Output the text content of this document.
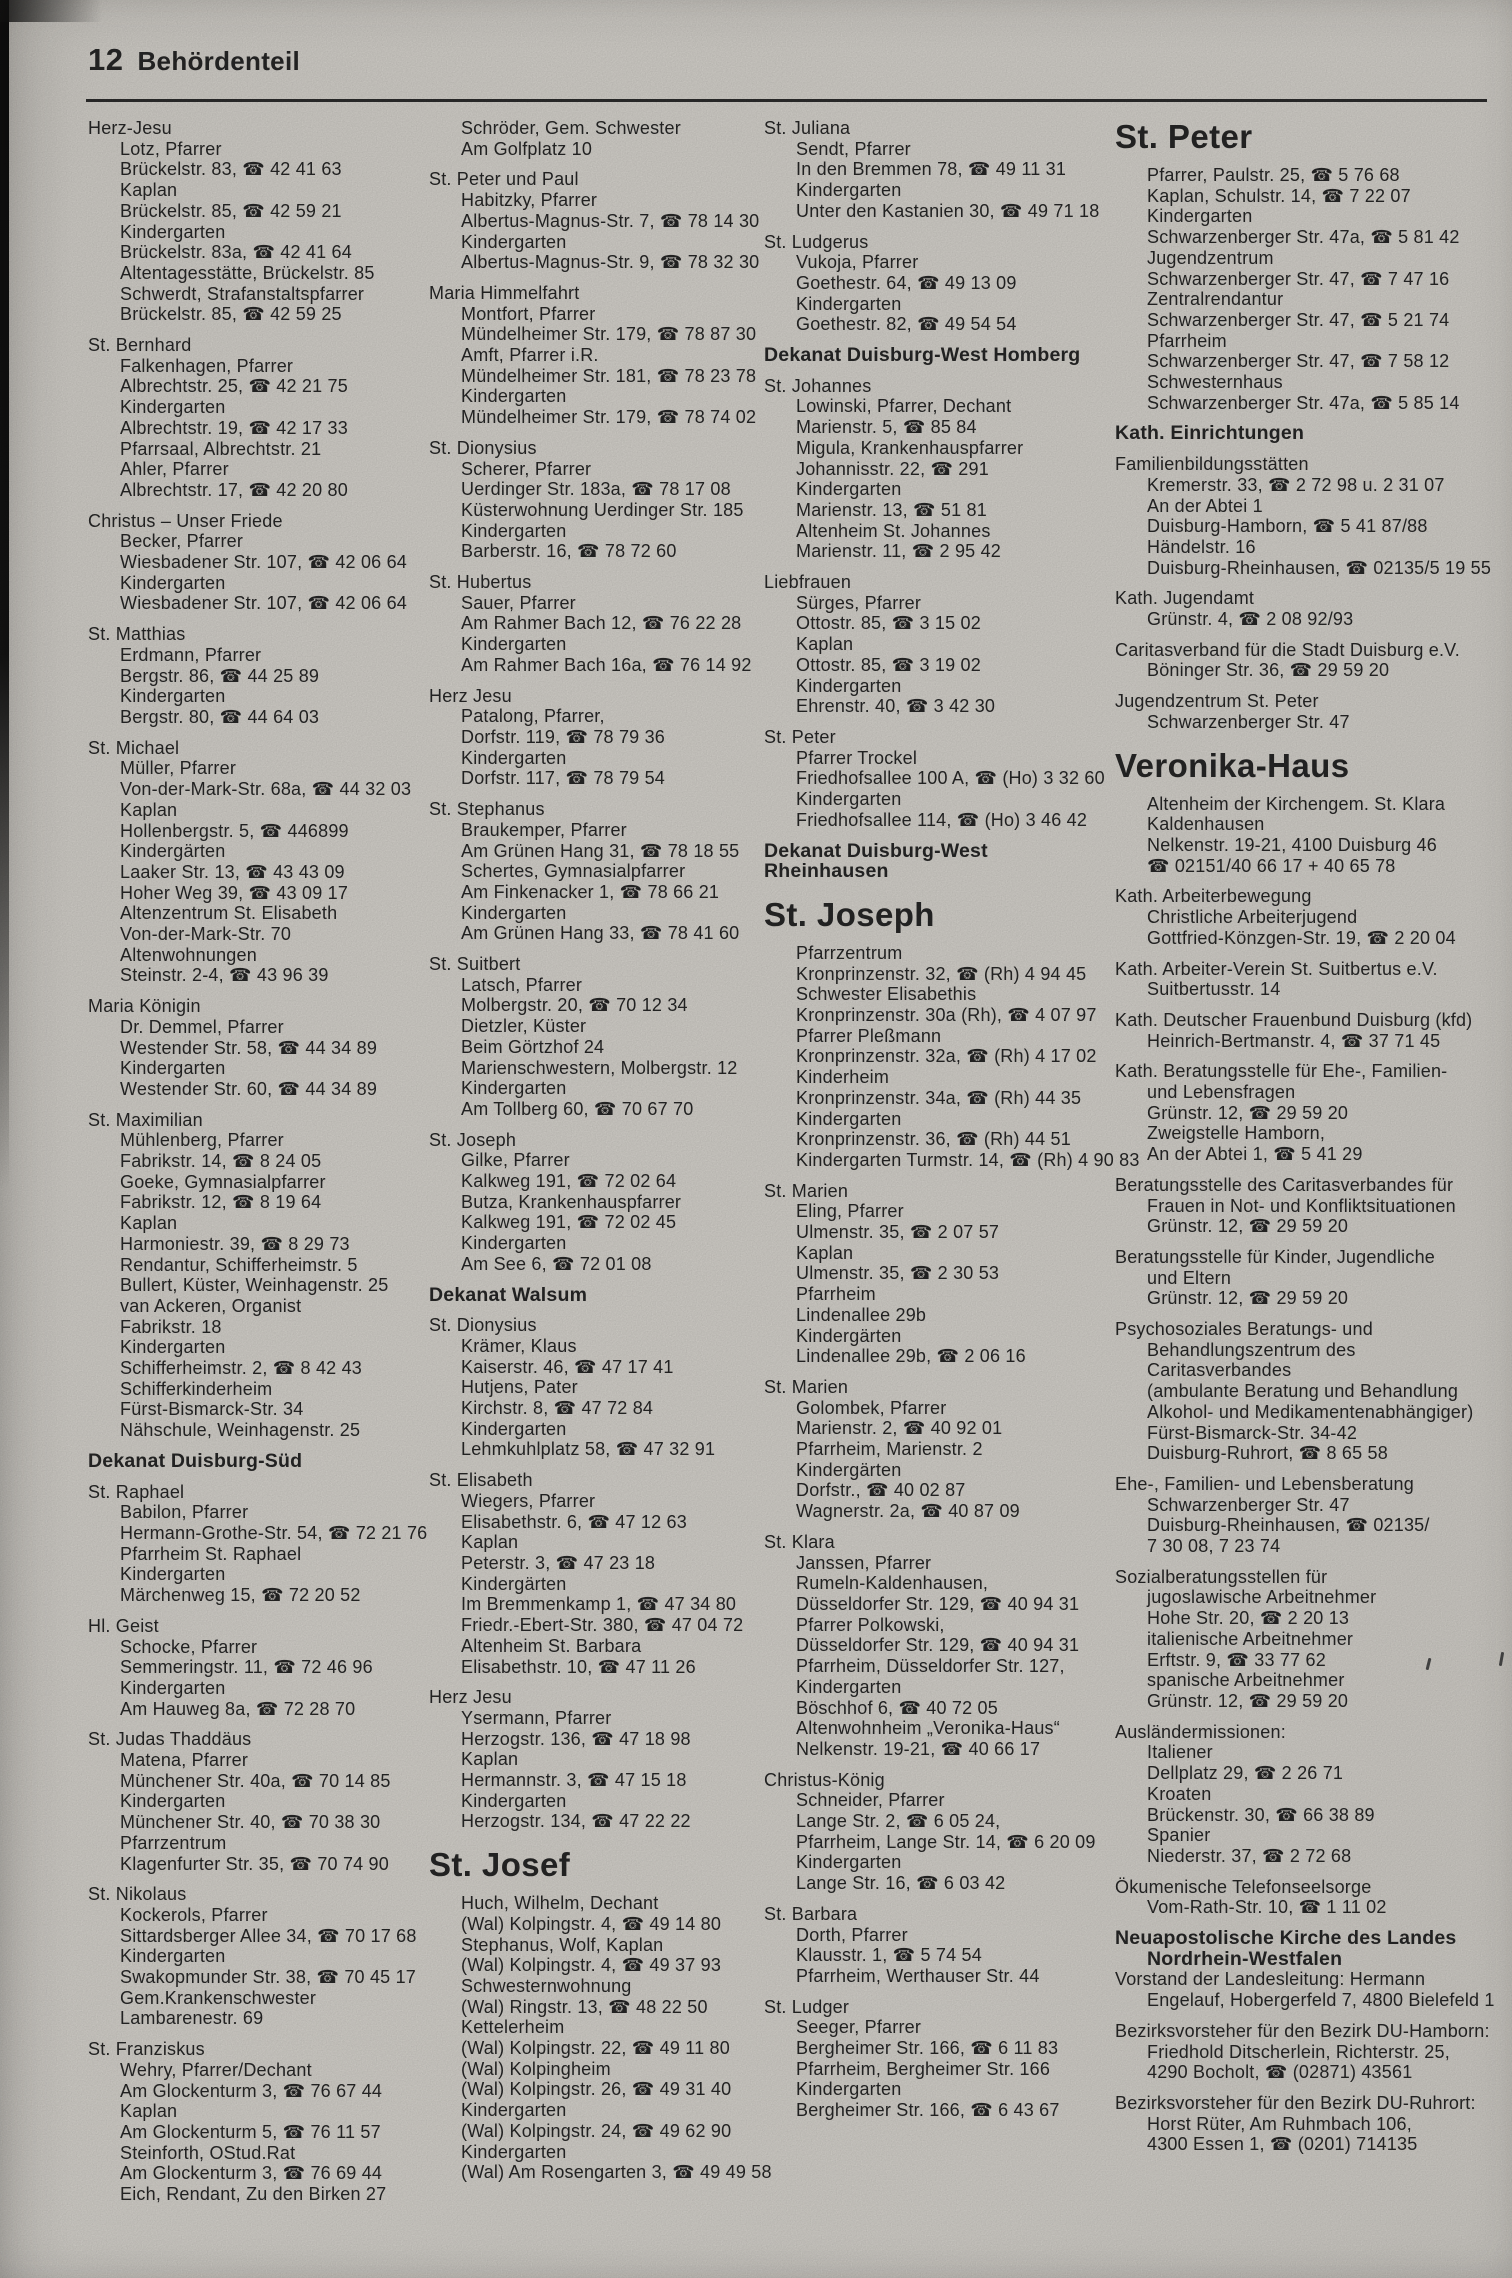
12 Behördenteil
Herz-Jesu
Lotz, Pfarrer
Brückelstr. 83, ☎ 42 41 63
Kaplan
Brückelstr. 85, ☎ 42 59 21
Kindergarten
Brückelstr. 83a, ☎ 42 41 64
Altentagesstätte, Brückelstr. 85
Schwerdt, Strafanstaltspfarrer
Brückelstr. 85, ☎ 42 59 25
St. Bernhard
Falkenhagen, Pfarrer
Albrechtstr. 25, ☎ 42 21 75
Kindergarten
Albrechtstr. 19, ☎ 42 17 33
Pfarrsaal, Albrechtstr. 21
Ahler, Pfarrer
Albrechtstr. 17, ☎ 42 20 80
Christus – Unser Friede
Becker, Pfarrer
Wiesbadener Str. 107, ☎ 42 06 64
Kindergarten
Wiesbadener Str. 107, ☎ 42 06 64
St. Matthias
Erdmann, Pfarrer
Bergstr. 86, ☎ 44 25 89
Kindergarten
Bergstr. 80, ☎ 44 64 03
St. Michael
Müller, Pfarrer
Von-der-Mark-Str. 68a, ☎ 44 32 03
Kaplan
Hollenbergstr. 5, ☎ 446899
Kindergärten
Laaker Str. 13, ☎ 43 43 09
Hoher Weg 39, ☎ 43 09 17
Altenzentrum St. Elisabeth
Von-der-Mark-Str. 70
Altenwohnungen
Steinstr. 2-4, ☎ 43 96 39
Maria Königin
Dr. Demmel, Pfarrer
Westender Str. 58, ☎ 44 34 89
Kindergarten
Westender Str. 60, ☎ 44 34 89
St. Maximilian
Mühlenberg, Pfarrer
Fabrikstr. 14, ☎ 8 24 05
Goeke, Gymnasialpfarrer
Fabrikstr. 12, ☎ 8 19 64
Kaplan
Harmoniestr. 39, ☎ 8 29 73
Rendantur, Schifferheimstr. 5
Bullert, Küster, Weinhagenstr. 25
van Ackeren, Organist
Fabrikstr. 18
Kindergarten
Schifferheimstr. 2, ☎ 8 42 43
Schifferkinderheim
Fürst-Bismarck-Str. 34
Nähschule, Weinhagenstr. 25
Dekanat Duisburg-Süd
St. Raphael
Babilon, Pfarrer
Hermann-Grothe-Str. 54, ☎ 72 21 76
Pfarrheim St. Raphael
Kindergarten
Märchenweg 15, ☎ 72 20 52
Hl. Geist
Schocke, Pfarrer
Semmeringstr. 11, ☎ 72 46 96
Kindergarten
Am Hauweg 8a, ☎ 72 28 70
St. Judas Thaddäus
Matena, Pfarrer
Münchener Str. 40a, ☎ 70 14 85
Kindergarten
Münchener Str. 40, ☎ 70 38 30
Pfarrzentrum
Klagenfurter Str. 35, ☎ 70 74 90
St. Nikolaus
Kockerols, Pfarrer
Sittardsberger Allee 34, ☎ 70 17 68
Kindergarten
Swakopmunder Str. 38, ☎ 70 45 17
Gem.Krankenschwester
Lambarenestr. 69
St. Franziskus
Wehry, Pfarrer/Dechant
Am Glockenturm 3, ☎ 76 67 44
Kaplan
Am Glockenturm 5, ☎ 76 11 57
Steinforth, OStud.Rat
Am Glockenturm 3, ☎ 76 69 44
Eich, Rendant, Zu den Birken 27
Schröder, Gem. Schwester
Am Golfplatz 10
St. Peter und Paul
Habitzky, Pfarrer
Albertus-Magnus-Str. 7, ☎ 78 14 30
Kindergarten
Albertus-Magnus-Str. 9, ☎ 78 32 30
Maria Himmelfahrt
Montfort, Pfarrer
Mündelheimer Str. 179, ☎ 78 87 30
Amft, Pfarrer i.R.
Mündelheimer Str. 181, ☎ 78 23 78
Kindergarten
Mündelheimer Str. 179, ☎ 78 74 02
St. Dionysius
Scherer, Pfarrer
Uerdinger Str. 183a, ☎ 78 17 08
Küsterwohnung Uerdinger Str. 185
Kindergarten
Barberstr. 16, ☎ 78 72 60
St. Hubertus
Sauer, Pfarrer
Am Rahmer Bach 12, ☎ 76 22 28
Kindergarten
Am Rahmer Bach 16a, ☎ 76 14 92
Herz Jesu
Patalong, Pfarrer,
Dorfstr. 119, ☎ 78 79 36
Kindergarten
Dorfstr. 117, ☎ 78 79 54
St. Stephanus
Braukemper, Pfarrer
Am Grünen Hang 31, ☎ 78 18 55
Schertes, Gymnasialpfarrer
Am Finkenacker 1, ☎ 78 66 21
Kindergarten
Am Grünen Hang 33, ☎ 78 41 60
St. Suitbert
Latsch, Pfarrer
Molbergstr. 20, ☎ 70 12 34
Dietzler, Küster
Beim Görtzhof 24
Marienschwestern, Molbergstr. 12
Kindergarten
Am Tollberg 60, ☎ 70 67 70
St. Joseph
Gilke, Pfarrer
Kalkweg 191, ☎ 72 02 64
Butza, Krankenhauspfarrer
Kalkweg 191, ☎ 72 02 45
Kindergarten
Am See 6, ☎ 72 01 08
Dekanat Walsum
St. Dionysius
Krämer, Klaus
Kaiserstr. 46, ☎ 47 17 41
Hutjens, Pater
Kirchstr. 8, ☎ 47 72 84
Kindergarten
Lehmkuhlplatz 58, ☎ 47 32 91
St. Elisabeth
Wiegers, Pfarrer
Elisabethstr. 6, ☎ 47 12 63
Kaplan
Peterstr. 3, ☎ 47 23 18
Kindergärten
Im Bremmenkamp 1, ☎ 47 34 80
Friedr.-Ebert-Str. 380, ☎ 47 04 72
Altenheim St. Barbara
Elisabethstr. 10, ☎ 47 11 26
Herz Jesu
Ysermann, Pfarrer
Herzogstr. 136, ☎ 47 18 98
Kaplan
Hermannstr. 3, ☎ 47 15 18
Kindergarten
Herzogstr. 134, ☎ 47 22 22
St. Josef
Huch, Wilhelm, Dechant
(Wal) Kolpingstr. 4, ☎ 49 14 80
Stephanus, Wolf, Kaplan
(Wal) Kolpingstr. 4, ☎ 49 37 93
Schwesternwohnung
(Wal) Ringstr. 13, ☎ 48 22 50
Kettelerheim
(Wal) Kolpingstr. 22, ☎ 49 11 80
(Wal) Kolpingheim
(Wal) Kolpingstr. 26, ☎ 49 31 40
Kindergarten
(Wal) Kolpingstr. 24, ☎ 49 62 90
Kindergarten
(Wal) Am Rosengarten 3, ☎ 49 49 58
St. Juliana
Sendt, Pfarrer
In den Bremmen 78, ☎ 49 11 31
Kindergarten
Unter den Kastanien 30, ☎ 49 71 18
St. Ludgerus
Vukoja, Pfarrer
Goethestr. 64, ☎ 49 13 09
Kindergarten
Goethestr. 82, ☎ 49 54 54
Dekanat Duisburg-West Homberg
St. Johannes
Lowinski, Pfarrer, Dechant
Marienstr. 5, ☎ 85 84
Migula, Krankenhauspfarrer
Johannisstr. 22, ☎ 291
Kindergarten
Marienstr. 13, ☎ 51 81
Altenheim St. Johannes
Marienstr. 11, ☎ 2 95 42
Liebfrauen
Sürges, Pfarrer
Ottostr. 85, ☎ 3 15 02
Kaplan
Ottostr. 85, ☎ 3 19 02
Kindergarten
Ehrenstr. 40, ☎ 3 42 30
St. Peter
Pfarrer Trockel
Friedhofsallee 100 A, ☎ (Ho) 3 32 60
Kindergarten
Friedhofsallee 114, ☎ (Ho) 3 46 42
Dekanat Duisburg-West
Rheinhausen
St. Joseph
Pfarrzentrum
Kronprinzenstr. 32, ☎ (Rh) 4 94 45
Schwester Elisabethis
Kronprinzenstr. 30a (Rh), ☎ 4 07 97
Pfarrer Pleßmann
Kronprinzenstr. 32a, ☎ (Rh) 4 17 02
Kinderheim
Kronprinzenstr. 34a, ☎ (Rh) 44 35
Kindergarten
Kronprinzenstr. 36, ☎ (Rh) 44 51
Kindergarten Turmstr. 14, ☎ (Rh) 4 90 83
St. Marien
Eling, Pfarrer
Ulmenstr. 35, ☎ 2 07 57
Kaplan
Ulmenstr. 35, ☎ 2 30 53
Pfarrheim
Lindenallee 29b
Kindergärten
Lindenallee 29b, ☎ 2 06 16
St. Marien
Golombek, Pfarrer
Marienstr. 2, ☎ 40 92 01
Pfarrheim, Marienstr. 2
Kindergärten
Dorfstr., ☎ 40 02 87
Wagnerstr. 2a, ☎ 40 87 09
St. Klara
Janssen, Pfarrer
Rumeln-Kaldenhausen,
Düsseldorfer Str. 129, ☎ 40 94 31
Pfarrer Polkowski,
Düsseldorfer Str. 129, ☎ 40 94 31
Pfarrheim, Düsseldorfer Str. 127,
Kindergarten
Böschhof 6, ☎ 40 72 05
Altenwohnheim „Veronika-Haus“
Nelkenstr. 19-21, ☎ 40 66 17
Christus-König
Schneider, Pfarrer
Lange Str. 2, ☎ 6 05 24,
Pfarrheim, Lange Str. 14, ☎ 6 20 09
Kindergarten
Lange Str. 16, ☎ 6 03 42
St. Barbara
Dorth, Pfarrer
Klausstr. 1, ☎ 5 74 54
Pfarrheim, Werthauser Str. 44
St. Ludger
Seeger, Pfarrer
Bergheimer Str. 166, ☎ 6 11 83
Pfarrheim, Bergheimer Str. 166
Kindergarten
Bergheimer Str. 166, ☎ 6 43 67
St. Peter
Pfarrer, Paulstr. 25, ☎ 5 76 68
Kaplan, Schulstr. 14, ☎ 7 22 07
Kindergarten
Schwarzenberger Str. 47a, ☎ 5 81 42
Jugendzentrum
Schwarzenberger Str. 47, ☎ 7 47 16
Zentralrendantur
Schwarzenberger Str. 47, ☎ 5 21 74
Pfarrheim
Schwarzenberger Str. 47, ☎ 7 58 12
Schwesternhaus
Schwarzenberger Str. 47a, ☎ 5 85 14
Kath. Einrichtungen
Familienbildungsstätten
Kremerstr. 33, ☎ 2 72 98 u. 2 31 07
An der Abtei 1
Duisburg-Hamborn, ☎ 5 41 87/88
Händelstr. 16
Duisburg-Rheinhausen, ☎ 02135/5 19 55
Kath. Jugendamt
Grünstr. 4, ☎ 2 08 92/93
Caritasverband für die Stadt Duisburg e.V.
Böninger Str. 36, ☎ 29 59 20
Jugendzentrum St. Peter
Schwarzenberger Str. 47
Veronika-Haus
Altenheim der Kirchengem. St. Klara
Kaldenhausen
Nelkenstr. 19-21, 4100 Duisburg 46
☎ 02151/40 66 17 + 40 65 78
Kath. Arbeiterbewegung
Christliche Arbeiterjugend
Gottfried-Könzgen-Str. 19, ☎ 2 20 04
Kath. Arbeiter-Verein St. Suitbertus e.V.
Suitbertusstr. 14
Kath. Deutscher Frauenbund Duisburg (kfd)
Heinrich-Bertmanstr. 4, ☎ 37 71 45
Kath. Beratungsstelle für Ehe-, Familien-
und Lebensfragen
Grünstr. 12, ☎ 29 59 20
Zweigstelle Hamborn,
An der Abtei 1, ☎ 5 41 29
Beratungsstelle des Caritasverbandes für
Frauen in Not- und Konfliktsituationen
Grünstr. 12, ☎ 29 59 20
Beratungsstelle für Kinder, Jugendliche
und Eltern
Grünstr. 12, ☎ 29 59 20
Psychosoziales Beratungs- und
Behandlungszentrum des
Caritasverbandes
(ambulante Beratung und Behandlung
Alkohol- und Medikamentenabhängiger)
Fürst-Bismarck-Str. 34-42
Duisburg-Ruhrort, ☎ 8 65 58
Ehe-, Familien- und Lebensberatung
Schwarzenberger Str. 47
Duisburg-Rheinhausen, ☎ 02135/
7 30 08, 7 23 74
Sozialberatungsstellen für
jugoslawische Arbeitnehmer
Hohe Str. 20, ☎ 2 20 13
italienische Arbeitnehmer
Erftstr. 9, ☎ 33 77 62
spanische Arbeitnehmer
Grünstr. 12, ☎ 29 59 20
Ausländermissionen:
Italiener
Dellplatz 29, ☎ 2 26 71
Kroaten
Brückenstr. 30, ☎ 66 38 89
Spanier
Niederstr. 37, ☎ 2 72 68
Ökumenische Telefonseelsorge
Vom-Rath-Str. 10, ☎ 1 11 02
Neuapostolische Kirche des Landes
Nordrhein-Westfalen
Vorstand der Landesleitung: Hermann
Engelauf, Hobergerfeld 7, 4800 Bielefeld 1
Bezirksvorsteher für den Bezirk DU-Hamborn:
Friedhold Ditscherlein, Richterstr. 25,
4290 Bocholt, ☎ (02871) 43561
Bezirksvorsteher für den Bezirk DU-Ruhrort:
Horst Rüter, Am Ruhmbach 106,
4300 Essen 1, ☎ (0201) 714135
